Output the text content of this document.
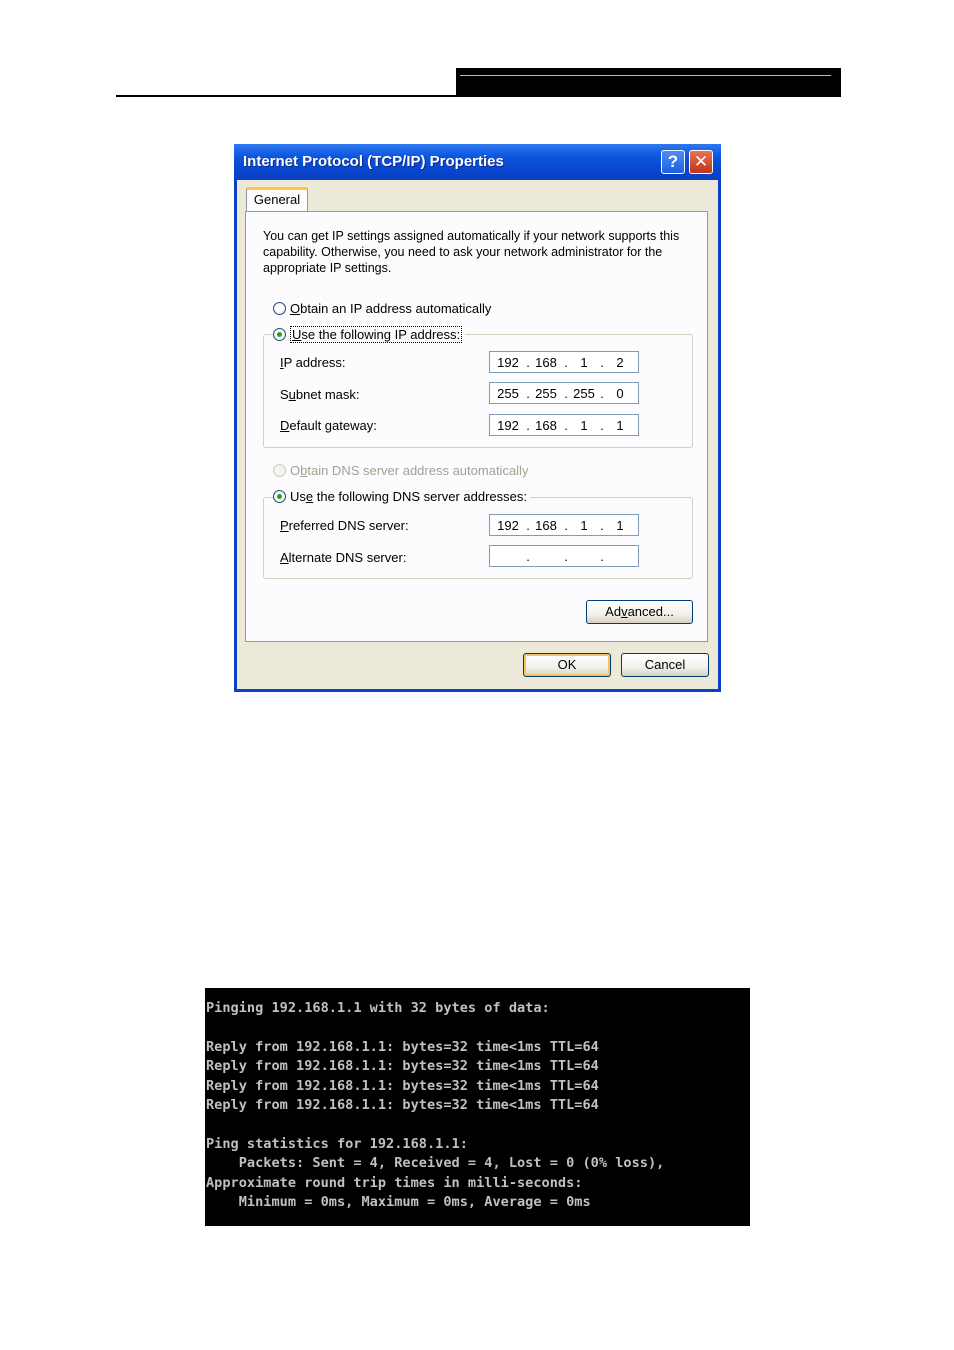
Internet Protocol (TCP/IP) Properties	? ✕
General
You can get IP settings assigned automatically if your network supports this capability. Otherwise, you need to ask your network administrator for the appropriate IP settings.
Obtain an IP address automatically
IP address:	192 . 168 . 1 . 2
Subnet mask:	255 . 255 . 255 . 0
Default gateway:	192 . 168 . 1 . 1
Use the following IP address:
Obtain DNS server address automatically
Preferred DNS server:	192 . 168 . 1 . 1
Alternate DNS server:	.	. .
Use the following DNS server addresses:
Advanced...
OK	Cancel
Pinging 192.168.1.1 with 32 bytes of data:

Reply from 192.168.1.1: bytes=32 time<1ms TTL=64
Reply from 192.168.1.1: bytes=32 time<1ms TTL=64
Reply from 192.168.1.1: bytes=32 time<1ms TTL=64
Reply from 192.168.1.1: bytes=32 time<1ms TTL=64

Ping statistics for 192.168.1.1:
Packets: Sent = 4, Received = 4, Lost = 0 (0% loss),
Approximate round trip times in milli-seconds:
Minimum = 0ms, Maximum = 0ms, Average = 0ms
